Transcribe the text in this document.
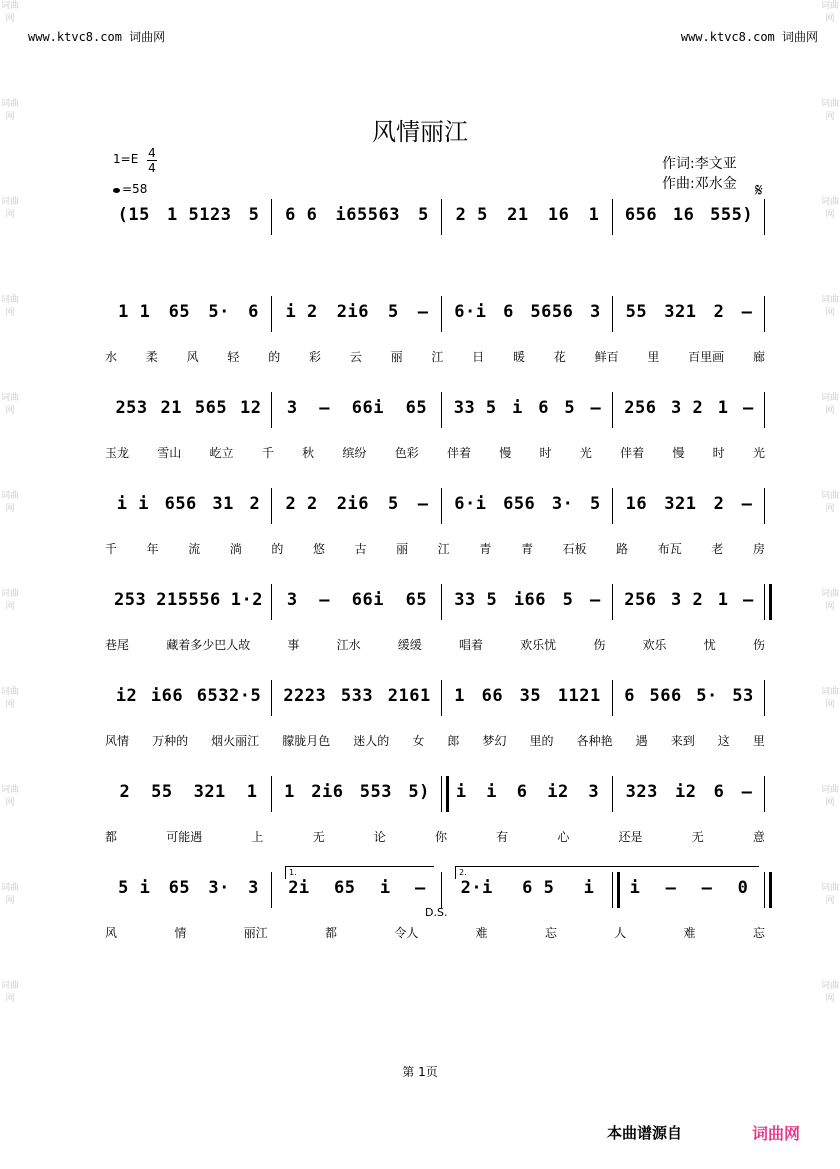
词曲网
词曲网
词曲网
词曲网
词曲网
词曲网
词曲网
词曲网
词曲网
词曲网
词曲网
词曲网
词曲网
词曲网
词曲网
词曲网
词曲网
词曲网
词曲网
词曲网
词曲网
词曲网
www.ktvc8.com 词曲网	www.ktvc8.com 词曲网
风情丽江
1=E 4
4
=58
作词:李文亚
作曲:邓水金 𝄋
(15 1 5123 5 6 6 i65563 5 2 5 21 16 1 656 16 555)
1 1 65 5· 6 i 2 2i6 5 – 6·i 6 5656 3 55 321 2 –
水 柔 风 轻 的 彩 云 丽 江 日 暖 花 鲜百 里 百里画 廊
253 21 565 12 3 – 66i 65 33 5 i 6 5 – 256 3 2 1 –
玉龙 雪山 屹立 千 秋 缤纷 色彩 伴着 慢 时 光 伴着 慢 时 光
i i 656 31 2 2 2 2i6 5 – 6·i 656 3· 5 16 321 2 –
千 年 流 淌 的 悠 古 丽 江 青 青 石板 路 布瓦 老 房
253 215556 1·2 3 – 66i 65 33 5 i66 5 – 256 3 2 1 –
巷尾	藏着多少巴人故	事	江水	缓缓	唱着	欢乐忧	伤	欢乐	忧	伤
i2 i66 6532·5 2223 533 2161 1 66 35 1121 6 566 5· 53
风情 万种的 烟火丽江 朦胧月色 迷人的 女 郎 梦幻 里的 各种艳 遇 来到 这 里
2 55 321 1 1 2i6 553 5) i i 6 i2 3 323 i2 6 –
都	可能遇	上	无	论	你	有	心	还是	无	意
5 i 65 3· 3 2i 65 i – 2·i 6 5 i i – – 0
1.	2.
风	情	丽江	都	令人	难	忘	人	难	忘
D.S.
第 1页
本曲谱源自	词曲网
